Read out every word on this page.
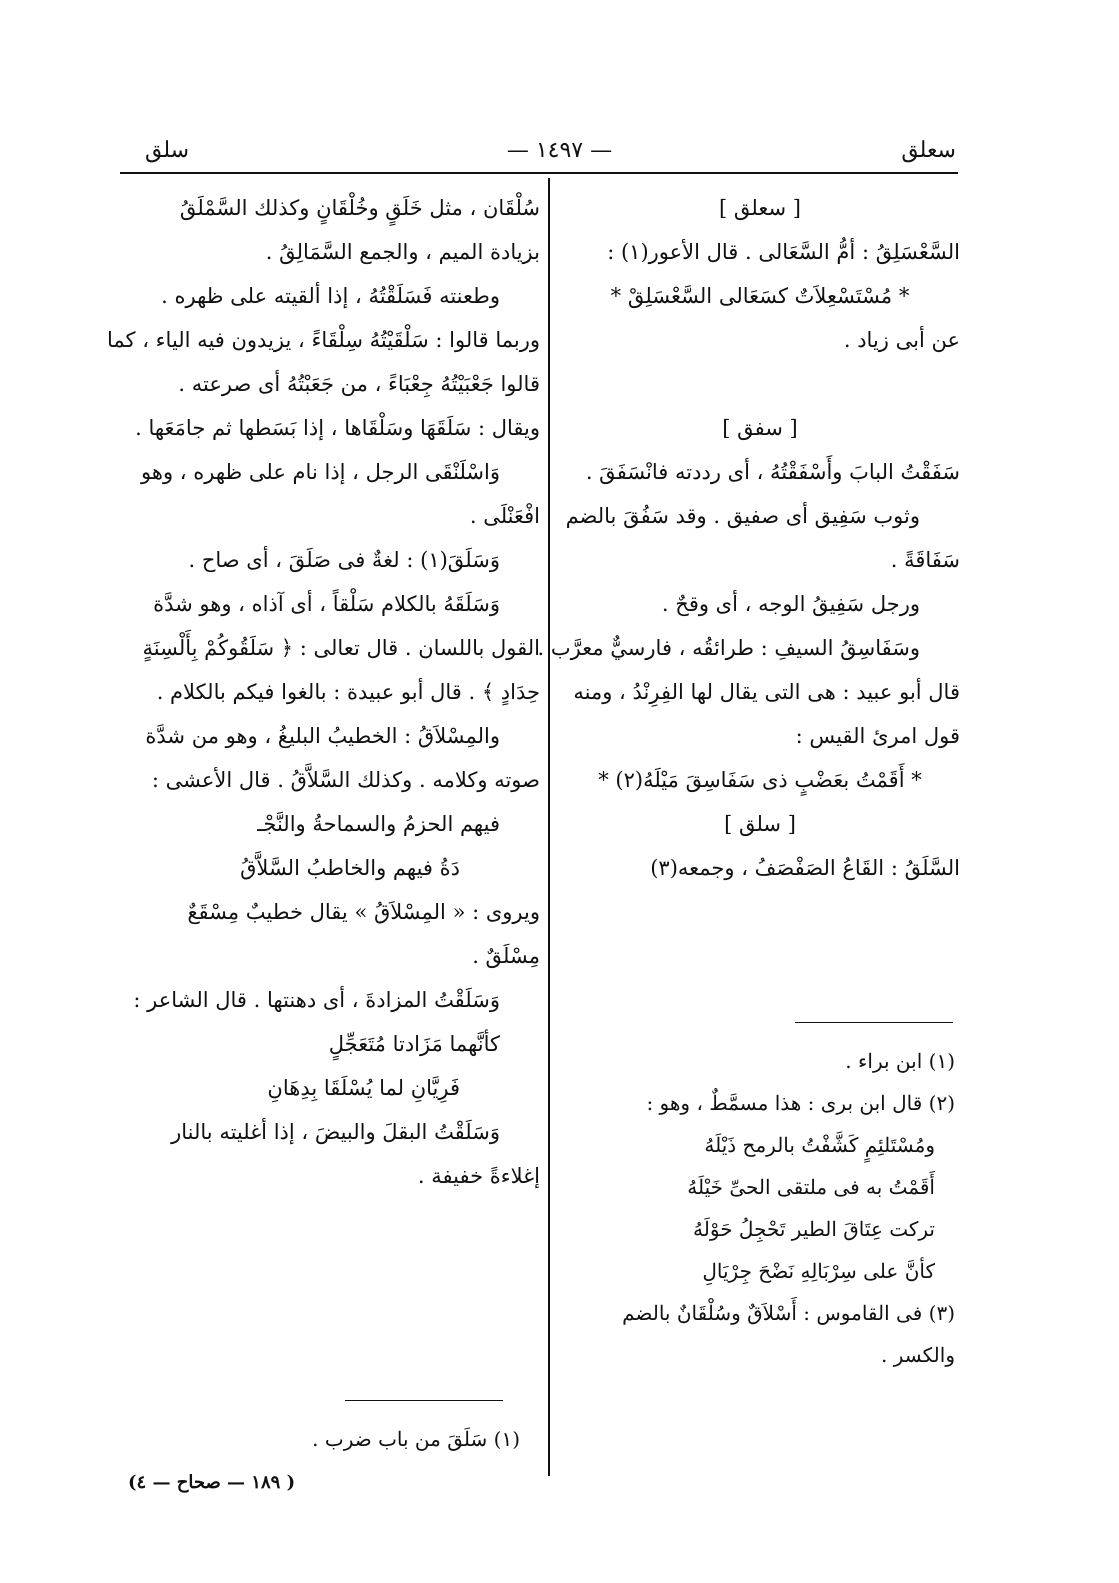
سعلق
— ١٤٩٧ —
سلق
[ سعلق ]
السَّعْسَلِقُ : أمُّ السَّعَالى . قال الأعور(١) :
* مُسْتَسْعِلاَتٌ كسَعَالى السَّعْسَلِقْ *
عن أبى زياد .
[ سفق ]
سَفَقْتُ البابَ وأَسْفَقْتُهُ ، أى رددته فانْسَفَقَ .
وثوب سَفِيق أى صفيق . وقد سَفُقَ بالضم
سَفَاقَةً .
ورجل سَفِيقُ الوجه ، أى وقحٌ .
وسَفَاسِقُ السيفِ : طرائقُه ، فارسيٌّ معرَّب .
قال أبو عبيد : هى التى يقال لها الفِرِنْدُ ، ومنه
قول امرئ القيس :
* أَقَمْتُ بعَضْبٍ ذى سَفَاسِقَ مَيْلَهُ(٢) *
[ سلق ]
السَّلَقُ : القَاعُ الصَفْصَفُ ، وجمعه(٣)
(١) ابن براء .
(٢) قال ابن برى : هذا مسمَّطٌ ، وهو :
ومُسْتَلئِمٍ كَشَّفْتُ بالرمح ذَيْلَهُ
أَقَمْتُ به فى ملتقى الحىِّ خَيْلَهُ
تركت عِتَاقَ الطير تَحْجِلُ حَوْلَهُ
كأنَّ على سِرْبَالِهِ نَضْحَ جِرْيَالِ
(٣) فى القاموس : أَسْلاَقٌ وسُلْقَانٌ بالضم
والكسر .
سُلْقَان ، مثل خَلَقٍ وخُلْقَانٍ وكذلك السَّمْلَقُ
بزيادة الميم ، والجمع السَّمَالِقُ .
وطعنته فَسَلَقْتُهُ ، إذا ألقيته على ظهره .
وربما قالوا : سَلْقَيْتُهُ سِلْقَاءً ، يزيدون فيه الياء ، كما
قالوا جَعْبَيْتُهُ جِعْبَاءً ، من جَعَبْتُهُ أى صرعته .
ويقال : سَلَقَهَا وسَلْقَاها ، إذا بَسَطها ثم جامَعَها .
وَاسْلَنْقَى الرجل ، إذا نام على ظهره ، وهو
افْعَنْلَى .
وَسَلَقَ(١) : لغةٌ فى صَلَقَ ، أى صاح .
وَسَلَقَهُ بالكلام سَلْقاً ، أى آذاه ، وهو شدَّة
القول باللسان . قال تعالى : ﴿ سَلَقُوكُمْ بِأَلْسِنَةٍ
حِدَادٍ ﴾ . قال أبو عبيدة : بالغوا فيكم بالكلام .
والمِسْلاَقُ : الخطيبُ البليغُ ، وهو من شدَّة
صوته وكلامه . وكذلك السَّلاَّقُ . قال الأعشى :
فيهم الحزمُ والسماحةُ والنَّجْـ
دَةُ فيهم والخاطبُ السَّلاَّقُ
ويروى : « المِسْلاَقُ » يقال خطيبٌ مِسْقَعٌ
مِسْلَقٌ .
وَسَلَقْتُ المزادةَ ، أى دهنتها . قال الشاعر :
كأنَّهما مَزَادتا مُتَعَجِّلٍ
فَرِيَّانِ لما يُسْلَقَا بِدِهَانِ
وَسَلَقْتُ البقلَ والبيضَ ، إذا أغليته بالنار
إغلاءةً خفيفة .
(١) سَلَقَ من باب ضرب .
( ١٨٩ — صحاح — ٤)
